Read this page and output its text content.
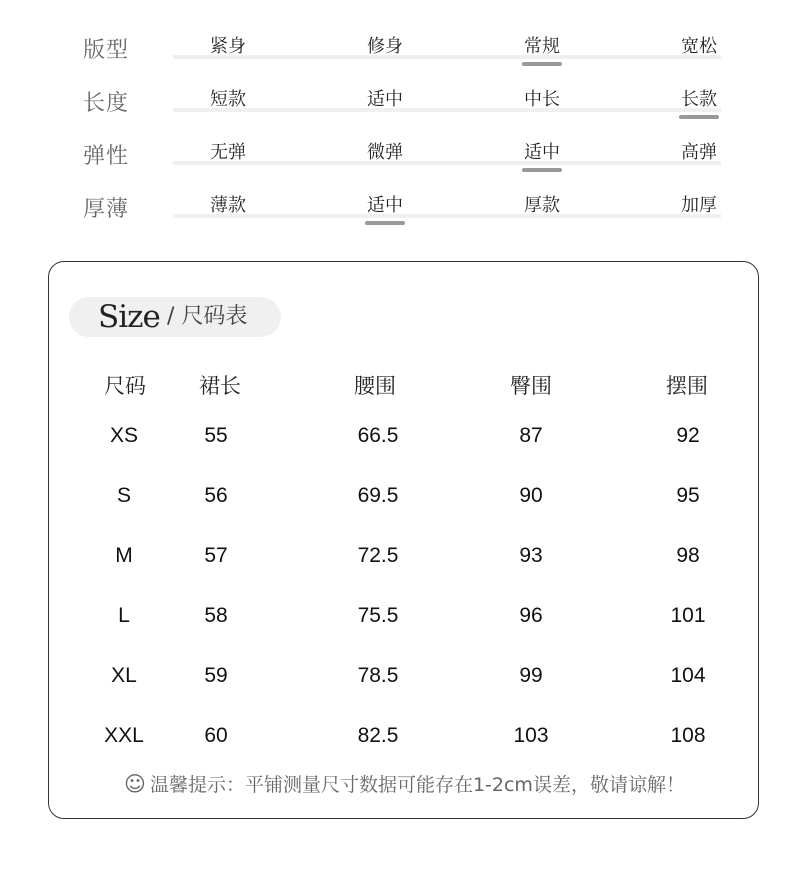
版型	紧身	修身	常规	宽松
长度	短款	适中	中长	长款
弹性	无弹	微弹	适中	高弹
厚薄	薄款	适中	厚款	加厚
Size / 尺码表
尺码	裙长	腰围	臀围	摆围
XS	55	66.5	87	92
S	56	69.5	90	95
M	57	72.5	93	98
L	58	75.5	96	101
XL	59	78.5	99	104
XXL	60	82.5	103	108
☺ 温馨提示：平铺测量尺寸数据可能存在1-2cm误差，敬请谅解！
